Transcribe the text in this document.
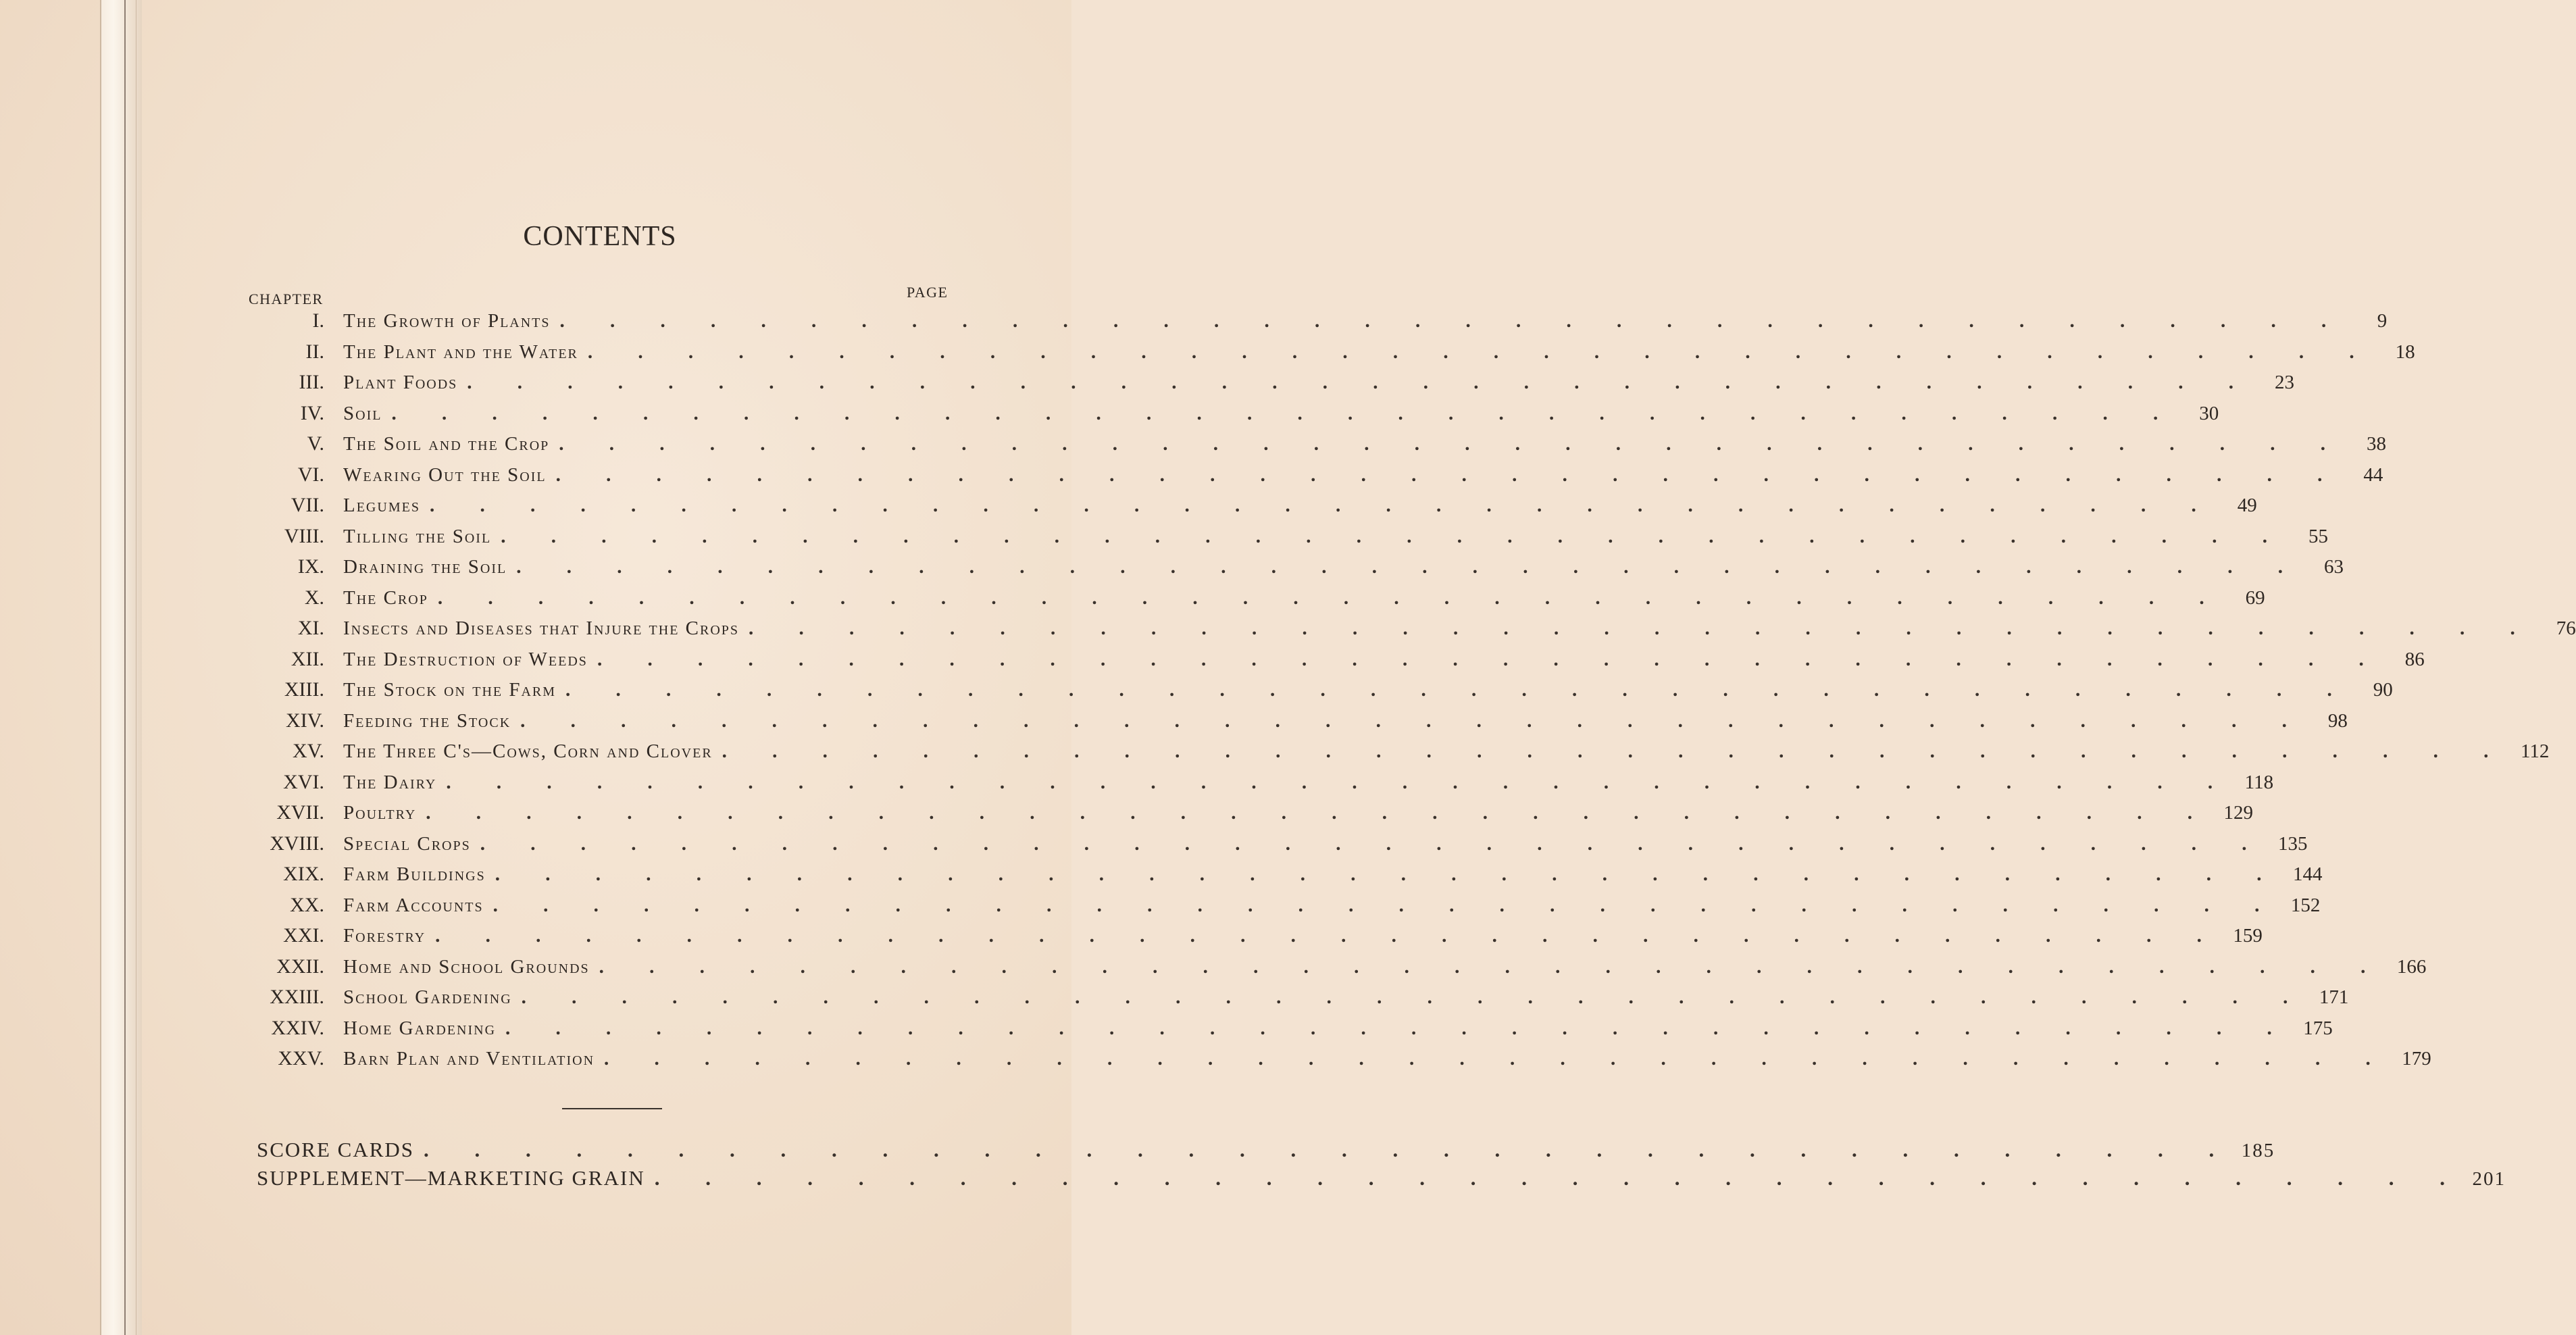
CONTENTS
CHAPTER	PAGE
I. The Growth of Plants . . . . . . . . . . . . . . . . . . . . . . . . . . . . . . . . . . . .	9
II. The Plant and the Water . . . . . . . . . . . . . . . . . . . . . . . . . . . . . . . . . . . .	18
III. Plant Foods . . . . . . . . . . . . . . . . . . . . . . . . . . . . . . . . . . . .	23
IV. Soil . . . . . . . . . . . . . . . . . . . . . . . . . . . . . . . . . . . .	30
V. The Soil and the Crop . . . . . . . . . . . . . . . . . . . . . . . . . . . . . . . . . . . .	38
VI. Wearing Out the Soil . . . . . . . . . . . . . . . . . . . . . . . . . . . . . . . . . . . .	44
VII. Legumes . . . . . . . . . . . . . . . . . . . . . . . . . . . . . . . . . . . .	49
VIII. Tilling the Soil . . . . . . . . . . . . . . . . . . . . . . . . . . . . . . . . . . . .	55
IX. Draining the Soil . . . . . . . . . . . . . . . . . . . . . . . . . . . . . . . . . . . .	63
X. The Crop . . . . . . . . . . . . . . . . . . . . . . . . . . . . . . . . . . . .	69
XI. Insects and Diseases that Injure the Crops . . . . . . . . . . . . . . . . . . . . . . . . . . . . . . . . . . . .	76
XII. The Destruction of Weeds . . . . . . . . . . . . . . . . . . . . . . . . . . . . . . . . . . . .	86
XIII. The Stock on the Farm . . . . . . . . . . . . . . . . . . . . . . . . . . . . . . . . . . . .	90
XIV. Feeding the Stock . . . . . . . . . . . . . . . . . . . . . . . . . . . . . . . . . . . .	98
XV. The Three C's—Cows, Corn and Clover . . . . . . . . . . . . . . . . . . . . . . . . . . . . . . . . . . . . 112
XVI. The Dairy . . . . . . . . . . . . . . . . . . . . . . . . . . . . . . . . . . . . 118
XVII. Poultry . . . . . . . . . . . . . . . . . . . . . . . . . . . . . . . . . . . . 129
XVIII. Special Crops . . . . . . . . . . . . . . . . . . . . . . . . . . . . . . . . . . . . 135
XIX. Farm Buildings . . . . . . . . . . . . . . . . . . . . . . . . . . . . . . . . . . . . 144
XX. Farm Accounts . . . . . . . . . . . . . . . . . . . . . . . . . . . . . . . . . . . . 152
XXI. Forestry . . . . . . . . . . . . . . . . . . . . . . . . . . . . . . . . . . . . 159
XXII. Home and School Grounds . . . . . . . . . . . . . . . . . . . . . . . . . . . . . . . . . . . . 166
XXIII. School Gardening . . . . . . . . . . . . . . . . . . . . . . . . . . . . . . . . . . . . 171
XXIV. Home Gardening . . . . . . . . . . . . . . . . . . . . . . . . . . . . . . . . . . . . 175
XXV. Barn Plan and Ventilation . . . . . . . . . . . . . . . . . . . . . . . . . . . . . . . . . . . . 179
SCORE CARDS . . . . . . . . . . . . . . . . . . . . . . . . . . . . . . . . . . . . 185
SUPPLEMENT—MARKETING GRAIN . . . . . . . . . . . . . . . . . . . . . . . . . . . . . . . . . . . . 201
